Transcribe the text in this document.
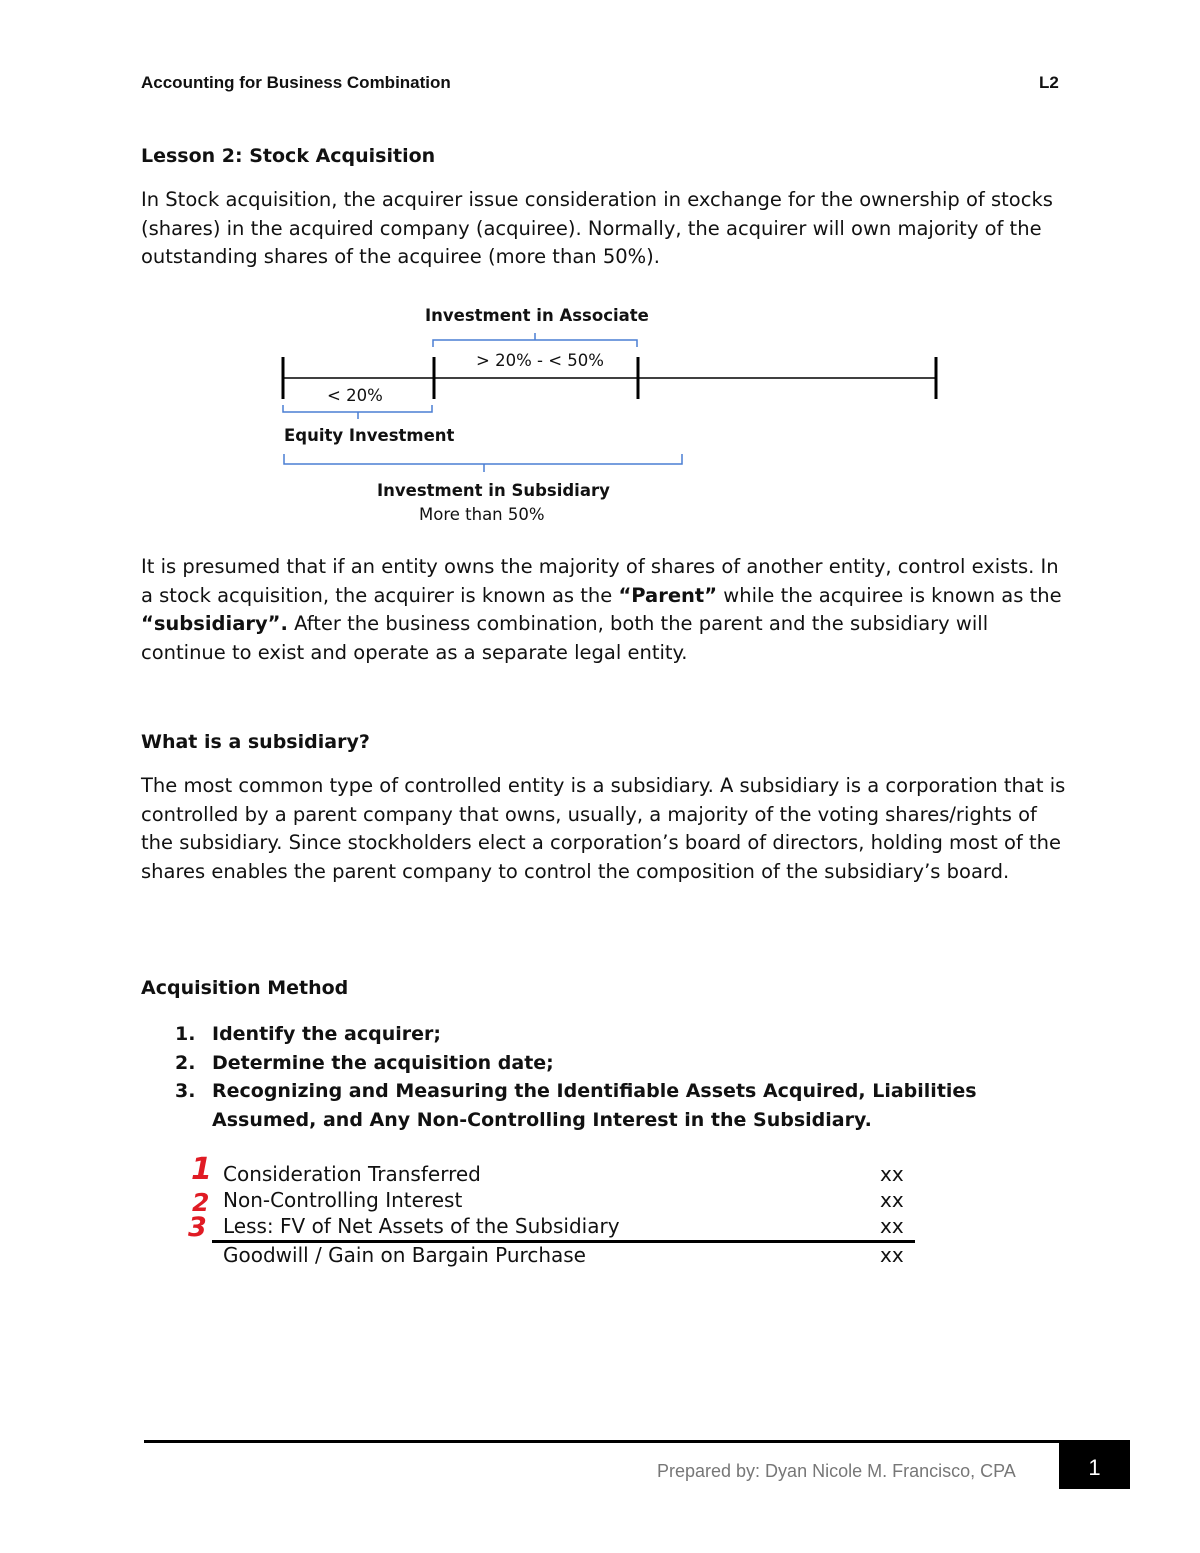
Accounting for Business Combination	L2
Lesson 2: Stock Acquisition

In Stock acquisition, the acquirer issue consideration in exchange for the ownership of stocks (shares) in the acquired company (acquiree). Normally, the acquirer will own majority of the outstanding shares of the acquiree (more than 50%).

Investment in Associate
> 20% - < 50%
< 20%
Equity Investment
Investment in Subsidiary
More than 50%

It is presumed that if an entity owns the majority of shares of another entity, control exists. In a stock acquisition, the acquirer is known as the “Parent” while the acquiree is known as the “subsidiary”. After the business combination, both the parent and the subsidiary will continue to exist and operate as a separate legal entity.

What is a subsidiary?

The most common type of controlled entity is a subsidiary. A subsidiary is a corporation that is controlled by a parent company that owns, usually, a majority of the voting shares/rights of the subsidiary. Since stockholders elect a corporation’s board of directors, holding most of the shares enables the parent company to control the composition of the subsidiary’s board.

Acquisition Method
1. Identify the acquirer;
2. Determine the acquisition date;
3. Recognizing and Measuring the Identifiable Assets Acquired, Liabilities Assumed, and Any Non-Controlling Interest in the Subsidiary.
1
2
3
Consideration Transferred	xx
Non-Controlling Interest	xx
Less: FV of Net Assets of the Subsidiary	xx
Goodwill / Gain on Bargain Purchase	xx
Prepared by: Dyan Nicole M. Francisco, CPA	1
